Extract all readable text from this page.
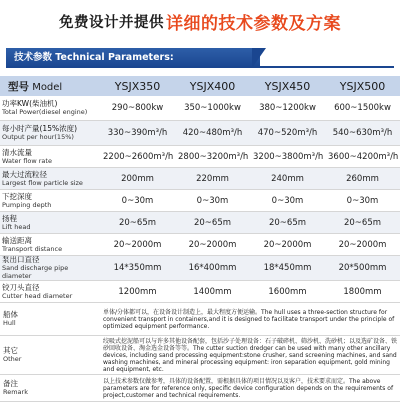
免费设计并提供 详细的技术参数及方案
技术参数 Technical Parameters:
型号 Model	YSJX350	YSJX400	YSJX450	YSJX500

功率KW(柴油机)
Total Power(diesel engine)	290~800kw	350~1000kw	380~1200kw	600~1500kw

每小时产量(15%浓度)
Output per hour(15%)	330~390m³/h	420~480m³/h	470~520m³/h	540~630m³/h

清水流量
Water flow rate	2200~2600m³/h	2800~3200m³/h	3200~3800m³/h	3600~4200m³/h

最大过流粒径
Largest flow particle size	200mm	220mm	240mm	260mm

下挖深度
Pumping depth	0~30m	0~30m	0~30m	0~30m

扬程
Lift head	20~65m	20~65m	20~65m	20~65m

输送距离
Transport distance	20~2000m	20~2000m	20~2000m	20~2000m

泵出口直径
Sand discharge pipe diameter	14*350mm	16*400mm	18*450mm	20*500mm

铰刀头直径
Cutter head diameter	1200mm	1400mm	1600mm	1800mm

船体
Hull	单体/分体都可以，在设备设计制造上，最大程度方便运输。The hull uses a three-section structure for convenient transport in containers,and it is designed to facilitate transport under the principle of optimized equipment performance.			

其它
Other	绞吸式挖泥船可以与许多其他设备配套，包括沙子处理设备：石子破碎机、筛沙机、洗砂机；以及选矿设备、铁砂回收设备、淘金选金设备等等。The cutter suction dredger can be used with many other ancillary devices, including sand processing equipment:stone crusher, sand screening machines, and sand washing machines, and mineral processing equipment: iron separation equipment, gold mining and equipment, etc.			

备注
Remark	以上技术参数仅做参考，具体的设备配置，需根据具体的项目情况以及客户，技术要求而定。The above parameters are for reference only, specific device configuration depends on the requirements of project,customer and technical requirements.			
